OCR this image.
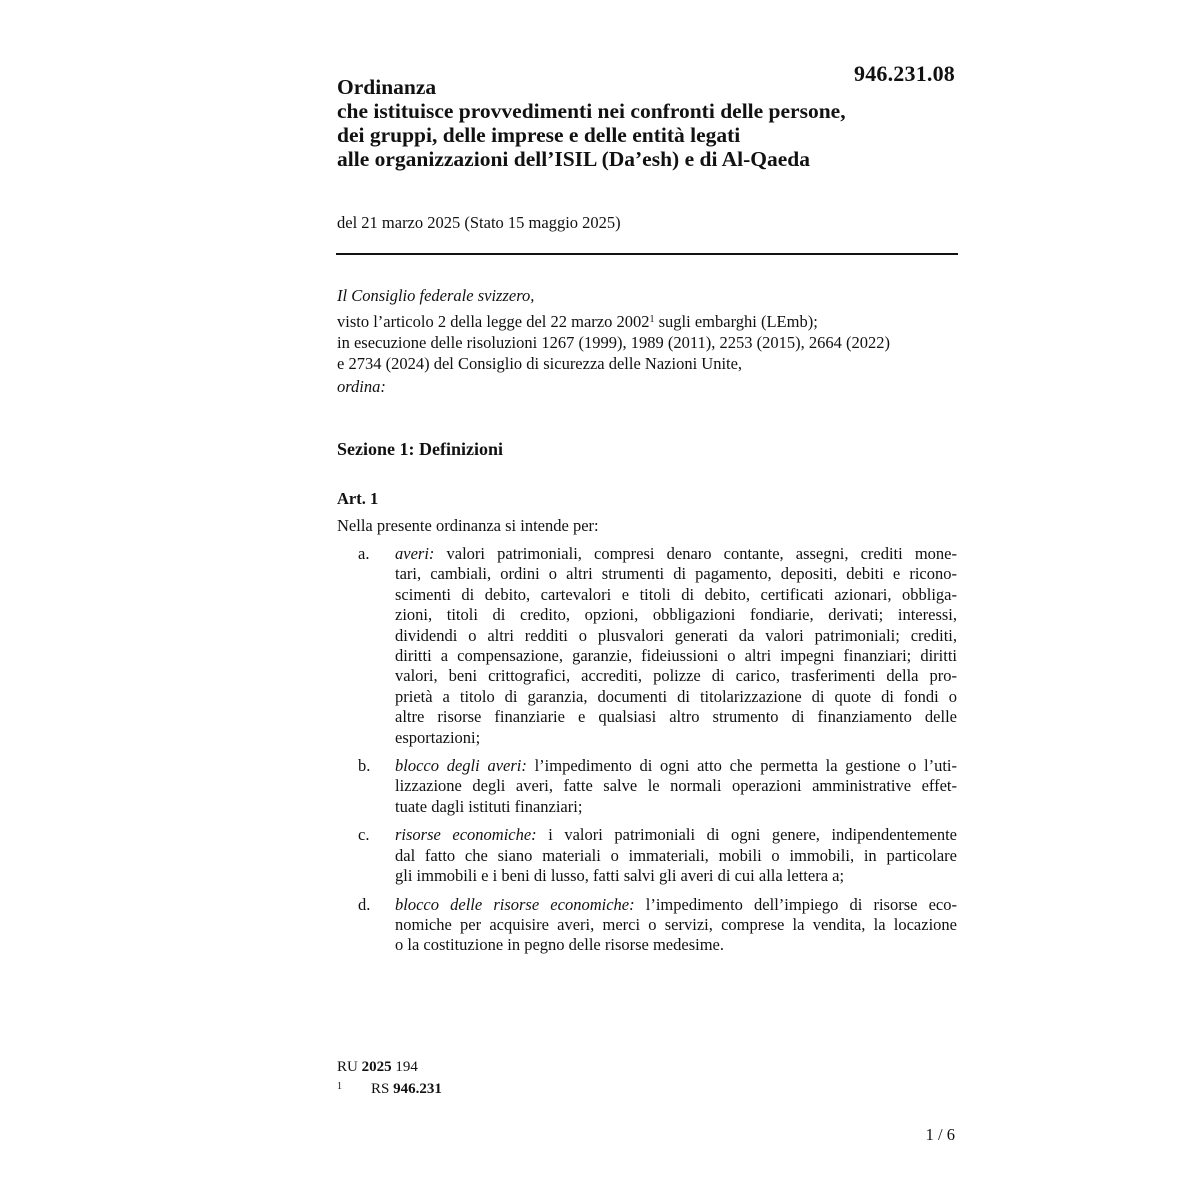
946.231.08
Ordinanza
che istituisce provvedimenti nei confronti delle persone,
dei gruppi, delle imprese e delle entità legati
alle organizzazioni dell’ISIL (Da’esh) e di Al-Qaeda
del 21 marzo 2025 (Stato 15 maggio 2025)
Il Consiglio federale svizzero,
visto l’articolo 2 della legge del 22 marzo 2002$^1$ sugli embarghi (LEmb);
in esecuzione delle risoluzioni 1267 (1999), 1989 (2011), 2253 (2015), 2664 (2022)
e 2734 (2024) del Consiglio di sicurezza delle Nazioni Unite,
ordina:
Sezione 1: Definizioni
Art. 1
Nella presente ordinanza si intende per:
a. averi: valori patrimoniali, compresi denaro contante, assegni, crediti mone-
tari, cambiali, ordini o altri strumenti di pagamento, depositi, debiti e ricono-
scimenti di debito, cartevalori e titoli di debito, certificati azionari, obbliga-
zioni, titoli di credito, opzioni, obbligazioni fondiarie, derivati; interessi,
dividendi o altri redditi o plusvalori generati da valori patrimoniali; crediti,
diritti a compensazione, garanzie, fideiussioni o altri impegni finanziari; diritti
valori, beni crittografici, accrediti, polizze di carico, trasferimenti della pro-
prietà a titolo di garanzia, documenti di titolarizzazione di quote di fondi o
altre risorse finanziarie e qualsiasi altro strumento di finanziamento delle
esportazioni;
b. blocco degli averi: l’impedimento di ogni atto che permetta la gestione o l’uti-
lizzazione degli averi, fatte salve le normali operazioni amministrative effet-
tuate dagli istituti finanziari;
c. risorse economiche: i valori patrimoniali di ogni genere, indipendentemente
dal fatto che siano materiali o immateriali, mobili o immobili, in particolare
gli immobili e i beni di lusso, fatti salvi gli averi di cui alla lettera a;
d. blocco delle risorse economiche: l’impedimento dell’impiego di risorse eco-
nomiche per acquisire averi, merci o servizi, comprese la vendita, la locazione
o la costituzione in pegno delle risorse medesime.
RU 2025 194
1 RS 946.231
1 / 6
